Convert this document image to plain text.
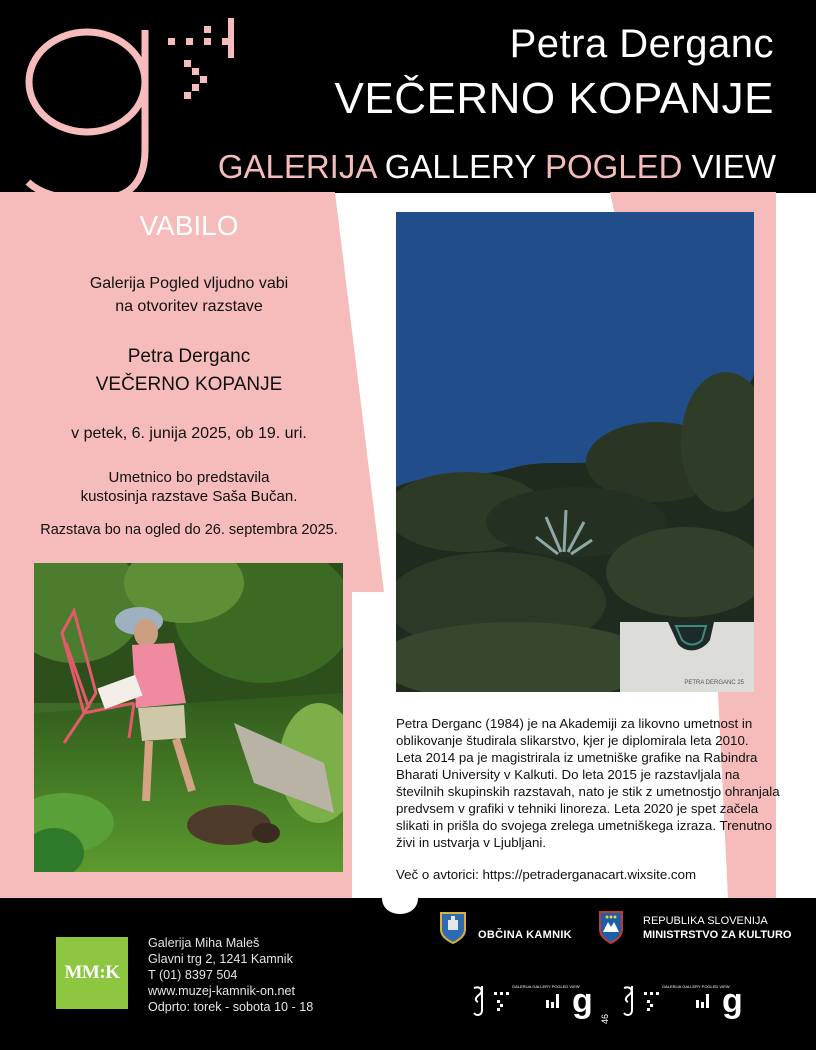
Petra Derganc
VEČERNO KOPANJE
GALERIJA GALLERY POGLED VIEW
VABILO
Galerija Pogled vljudno vabi
na otvoritev razstave
Petra Derganc
VEČERNO KOPANJE
v petek, 6. junija 2025, ob 19. uri.
Umetnico bo predstavila
kustosinja razstave Saša Bučan.
Razstava bo na ogled do 26. septembra 2025.
PETRA DERGANC 25
Petra Derganc (1984) je na Akademiji za likovno umetnost in
oblikovanje študirala slikarstvo, kjer je diplomirala leta 2010.
Leta 2014 pa je magistrirala iz umetniške grafike na Rabindra
Bharati University v Kalkuti. Do leta 2015 je razstavljala na
številnih skupinskih razstavah, nato je stik z umetnostjo ohranjala
predvsem v grafiki v tehniki linoreza. Leta 2020 je spet začela
slikati in prišla do svojega zrelega umetniškega izraza. Trenutno
živi in ustvarja v Ljubljani.
Več o avtorici: https://petraderganacart.wixsite.com
MM:K
Galerija Miha Maleš
Glavni trg 2, 1241 Kamnik
T (01) 8397 504
www.muzej-kamnik-on.net
Odprto: torek - sobota 10 - 18
OBČINA KAMNIK
REPUBLIKA SLOVENIJA
MINISTRSTVO ZA KULTURO
GALERIJA GALLERY POGLED VIEW	GALERIJA GALLERY POGLED VIEW
g	g
46
